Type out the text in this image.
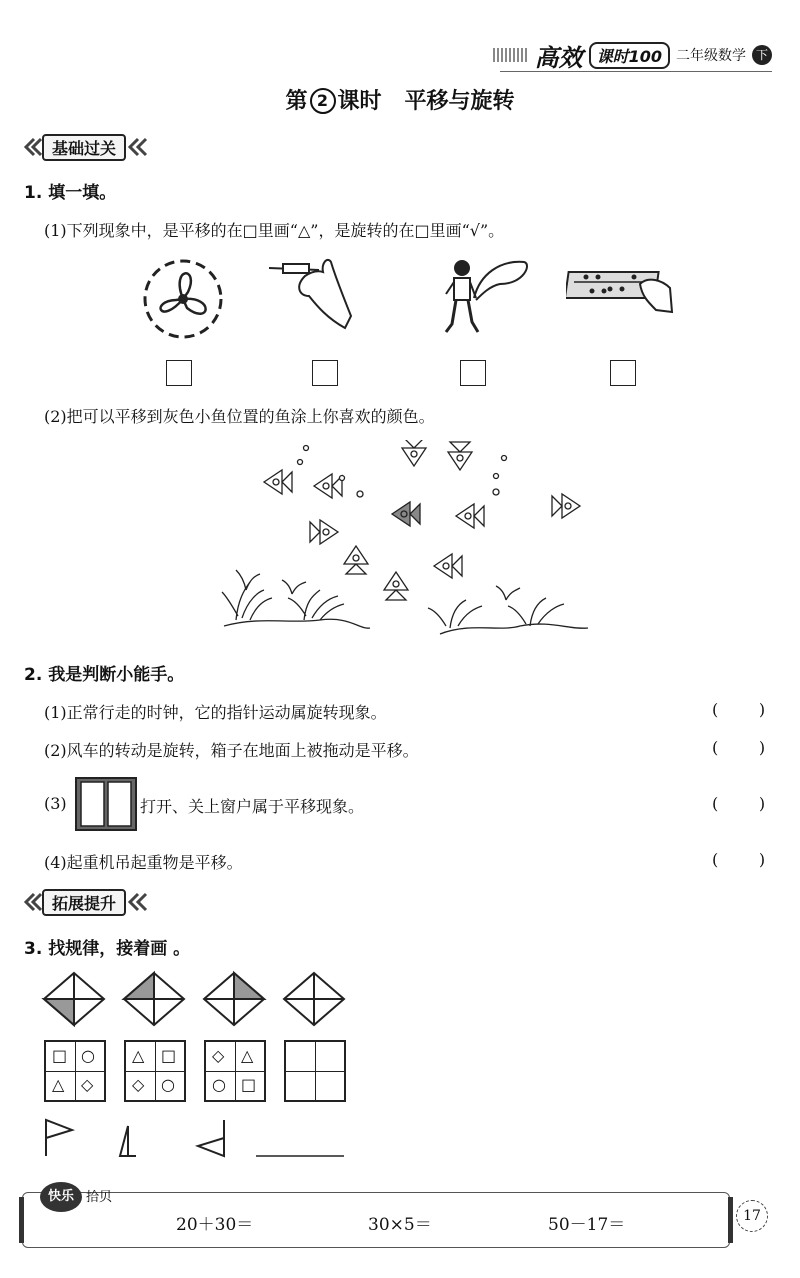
高效 课时100	二年级数学 下
第 2 课时 平移与旋转
基础过关
1. 填一填。
(1)下列现象中，是平移的在□里画“△”，是旋转的在□里画“√”。
(2)把可以平移到灰色小鱼位置的鱼涂上你喜欢的颜色。
2. 我是判断小能手。
(1)正常行走的时钟，它的指针运动属旋转现象。	(        )
(2)风车的转动是旋转，箱子在地面上被拖动是平移。	(        )
(3)	打开、关上窗户属于平移现象。	(        )
(4)起重机吊起重物是平移。	(        )
拓展提升
3. 找规律，接着画 。
□ ○
△ ◇
△ □
◇ ○
◇ △
○ □
快乐 拾贝
20＋30＝	30×5＝	50－17＝	17
